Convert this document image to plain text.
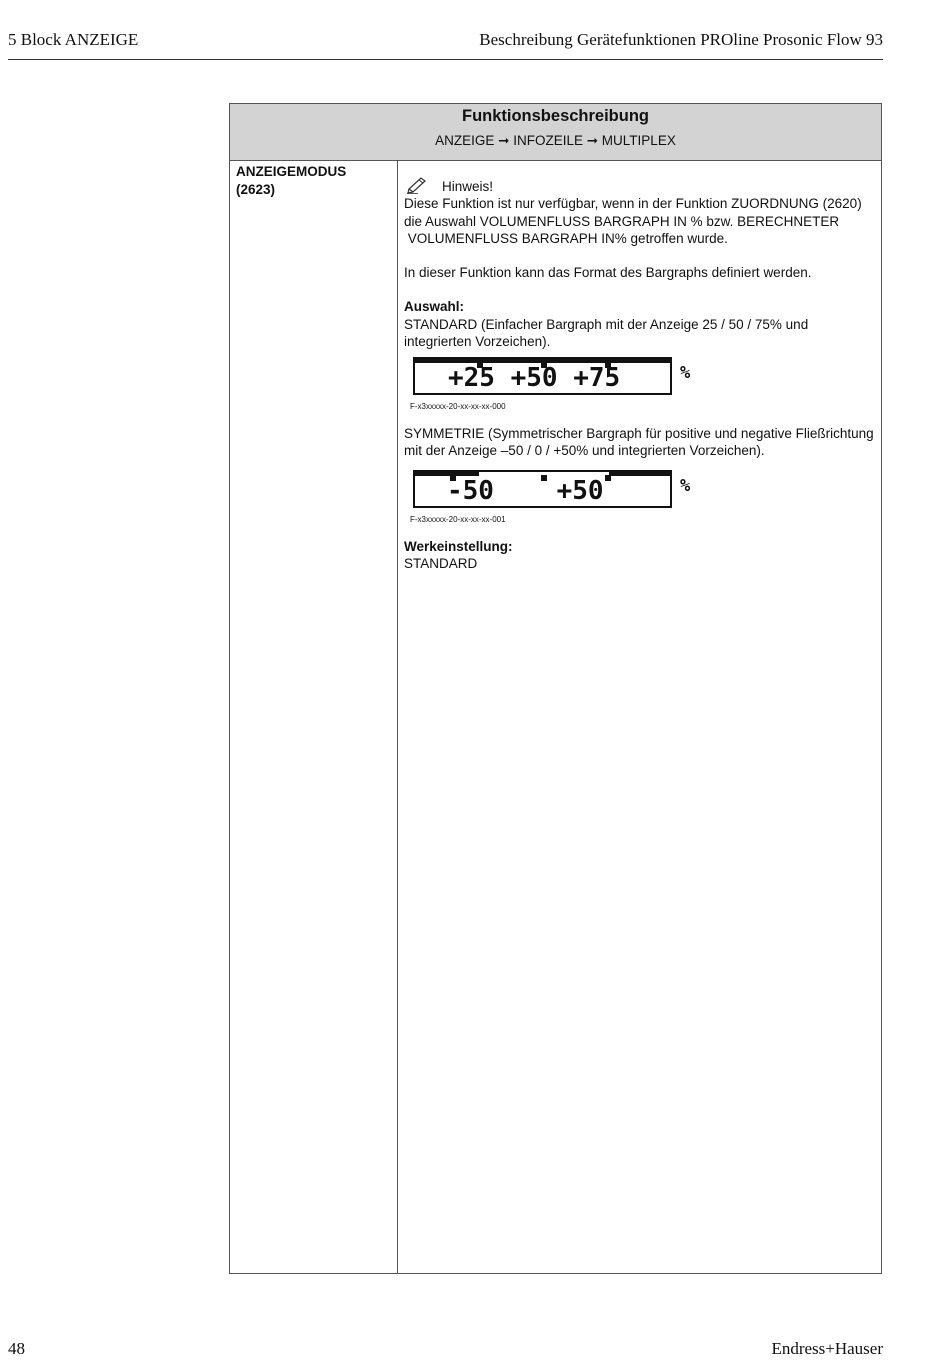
5 Block ANZEIGE	Beschreibung Gerätefunktionen PROline Prosonic Flow 93
Funktionsbeschreibung
ANZEIGE ➞ INFOZEILE ➞ MULTIPLEX
ANZEIGEMODUS
(2623)	Hinweis!
Diese Funktion ist nur verfügbar, wenn in der Funktion ZUORDNUNG (2620)
die Auswahl VOLUMENFLUSS BARGRAPH IN % bzw. BERECHNETER
VOLUMENFLUSS BARGRAPH IN% getroffen wurde.
In dieser Funktion kann das Format des Bargraphs definiert werden.
Auswahl:
STANDARD (Einfacher Bargraph mit der Anzeige 25 / 50 / 75% und
integrierten Vorzeichen).
+25 +50 +75	%
F-x3xxxxx-20-xx-xx-xx-000
SYMMETRIE (Symmetrischer Bargraph für positive und negative Fließrichtung
mit der Anzeige –50 / 0 / +50% und integrierten Vorzeichen).
-50    +50	%
F-x3xxxxx-20-xx-xx-xx-001
Werkeinstellung:
STANDARD
48	Endress+Hauser
